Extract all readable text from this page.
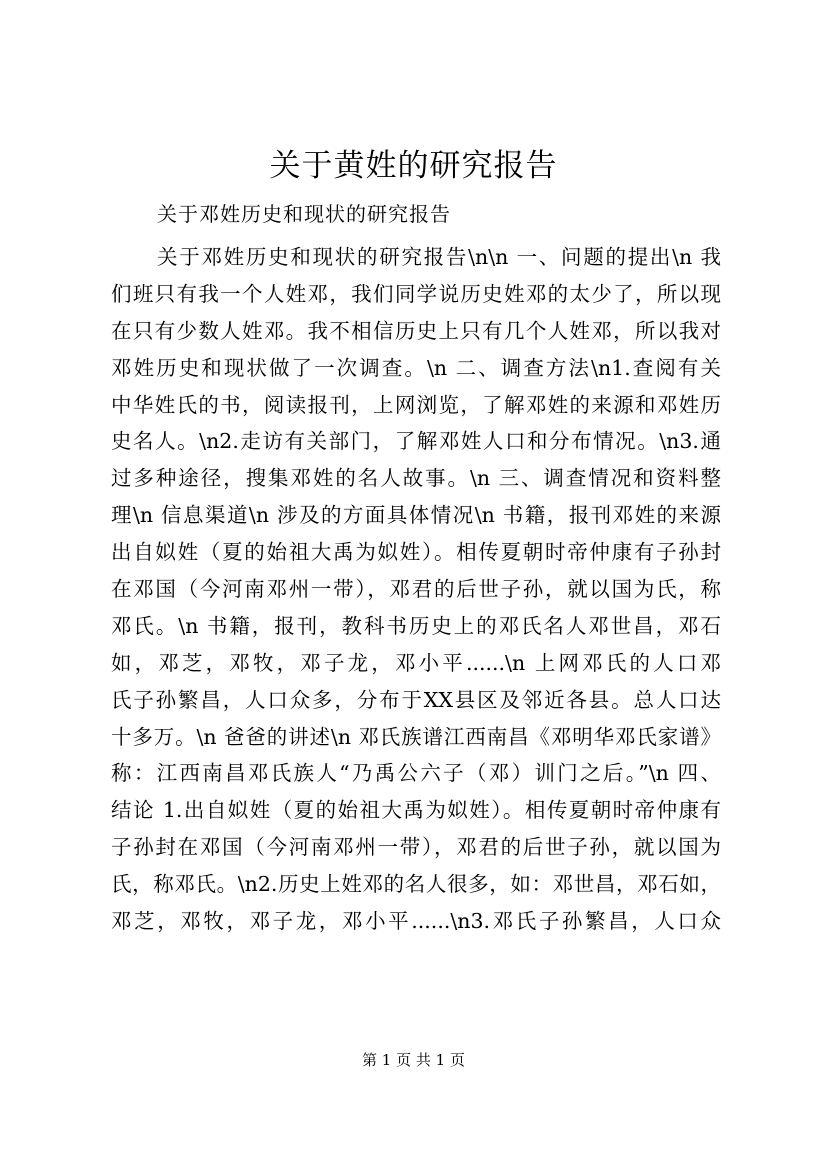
关于黄姓的研究报告

关于邓姓历史和现状的研究报告

关于邓姓历史和现状的研究报告\n\n 一、问题的提出\n 我
们班只有我一个人姓邓，我们同学说历史姓邓的太少了，所以现
在只有少数人姓邓。我不相信历史上只有几个人姓邓，所以我对
邓姓历史和现状做了一次调查。\n 二、调查方法\n1.查阅有关
中华姓氏的书，阅读报刊，上网浏览，了解邓姓的来源和邓姓历
史名人。\n2.走访有关部门，了解邓姓人口和分布情况。\n3.通
过多种途径，搜集邓姓的名人故事。\n 三、调查情况和资料整
理\n 信息渠道\n 涉及的方面具体情况\n 书籍，报刊邓姓的来源
出自姒姓（夏的始祖大禹为姒姓）。相传夏朝时帝仲康有子孙封
在邓国（今河南邓州一带），邓君的后世子孙，就以国为氏，称
邓氏。\n 书籍，报刊，教科书历史上的邓氏名人邓世昌，邓石
如，邓芝，邓牧，邓子龙，邓小平......\n 上网邓氏的人口邓
氏子孙繁昌，人口众多，分布于XX县区及邻近各县。总人口达
十多万。\n 爸爸的讲述\n 邓氏族谱江西南昌《邓明华邓氏家谱》
称：江西南昌邓氏族人“乃禹公六子（邓）训门之后。”\n 四、
结论 1.出自姒姓（夏的始祖大禹为姒姓）。相传夏朝时帝仲康有
子孙封在邓国（今河南邓州一带），邓君的后世子孙，就以国为
氏，称邓氏。\n2.历史上姓邓的名人很多，如：邓世昌，邓石如，
邓芝，邓牧，邓子龙，邓小平......\n3.邓氏子孙繁昌，人口众

第 1 页 共 1 页
